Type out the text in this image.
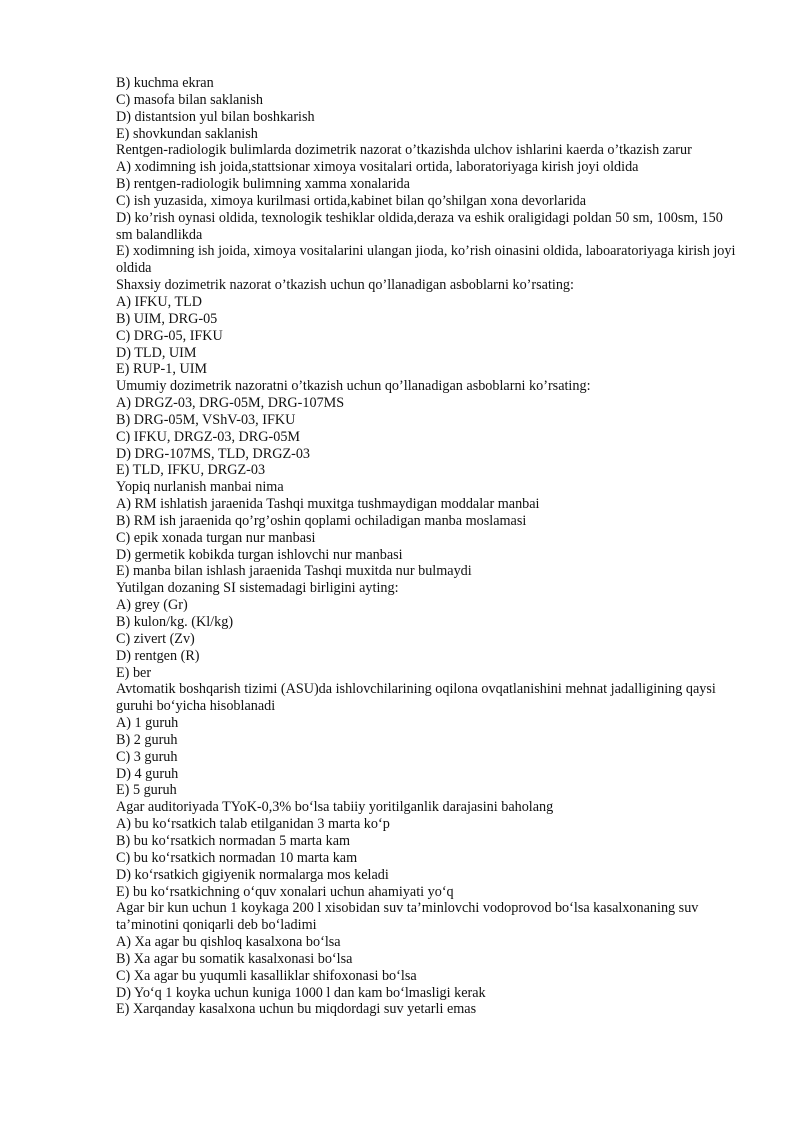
B) kuchma ekran
C) masofa bilan saklanish
D) distantsion yul bilan boshkarish
E) shovkundan saklanish
Rentgen-radiologik bulimlarda dozimetrik nazorat o’tkazishda ulchov ishlarini kaerda o’tkazish zarur
A) xodimning ish joida,stattsionar ximoya vositalari ortida, laboratoriyaga kirish joyi oldida
B) rentgen-radiologik bulimning xamma xonalarida
C) ish yuzasida, ximoya kurilmasi ortida,kabinet bilan qo’shilgan xona devorlarida
D) ko’rish oynasi oldida, texnologik teshiklar oldida,deraza va eshik oraligidagi poldan 50 sm, 100sm, 150 sm balandlikda
E) xodimning ish joida, ximoya vositalarini ulangan jioda, ko’rish oinasini oldida, laboaratoriyaga kirish joyi oldida
Shaxsiy dozimetrik nazorat o’tkazish uchun qo’llanadigan asboblarni ko’rsating:
A) IFKU, TLD
B) UIM, DRG-05
C) DRG-05, IFKU
D) TLD, UIM
E) RUP-1, UIM
Umumiy dozimetrik nazoratni o’tkazish uchun qo’llanadigan asboblarni ko’rsating:
A) DRGZ-03, DRG-05M, DRG-107MS
B) DRG-05M, VShV-03, IFKU
C) IFKU, DRGZ-03, DRG-05M
D) DRG-107MS, TLD, DRGZ-03
E) TLD, IFKU, DRGZ-03
Yopiq nurlanish manbai nima
A) RM ishlatish jaraenida Tashqi muxitga tushmaydigan moddalar manbai
B) RM ish jaraenida qo’rg’oshin qoplami ochiladigan manba moslamasi
C) epik xonada turgan nur manbasi
D) germetik kobikda turgan ishlovchi nur manbasi
E) manba bilan ishlash jaraenida Tashqi muxitda nur bulmaydi
Yutilgan dozaning SI sistemadagi birligini ayting:
A) grey (Gr)
B) kulon/kg. (Kl/kg)
C) zivert (Zv)
D) rentgen (R)
E) ber
Avtomatik boshqarish tizimi (ASU)da ishlovchilarining oqilona ovqatlanishini mehnat jadalligining qaysi guruhi bo‘yicha hisoblanadi
A) 1 guruh
B) 2 guruh
C) 3 guruh
D) 4 guruh
E) 5 guruh
Agar auditoriyada TYoK-0,3% bo‘lsa tabiiy yoritilganlik darajasini baholang
A) bu ko‘rsatkich talab etilganidan 3 marta ko‘p
B) bu ko‘rsatkich normadan 5 marta kam
C) bu ko‘rsatkich normadan 10 marta kam
D) ko‘rsatkich gigiyenik normalarga mos keladi
E) bu ko‘rsatkichning o‘quv xonalari uchun ahamiyati yo‘q
Agar bir kun uchun 1 koykaga 200 l xisobidan suv ta’minlovchi vodoprovod bo‘lsa kasalxonaning suv ta’minotini qoniqarli deb bo‘ladimi
A) Xa agar bu qishloq kasalxona bo‘lsa
B) Xa agar bu somatik kasalxonasi bo‘lsa
C) Xa agar bu yuqumli kasalliklar shifoxonasi bo‘lsa
D) Yo‘q 1 koyka uchun kuniga 1000 l dan kam bo‘lmasligi kerak
E) Xarqanday kasalxona uchun bu miqdordagi suv yetarli emas
